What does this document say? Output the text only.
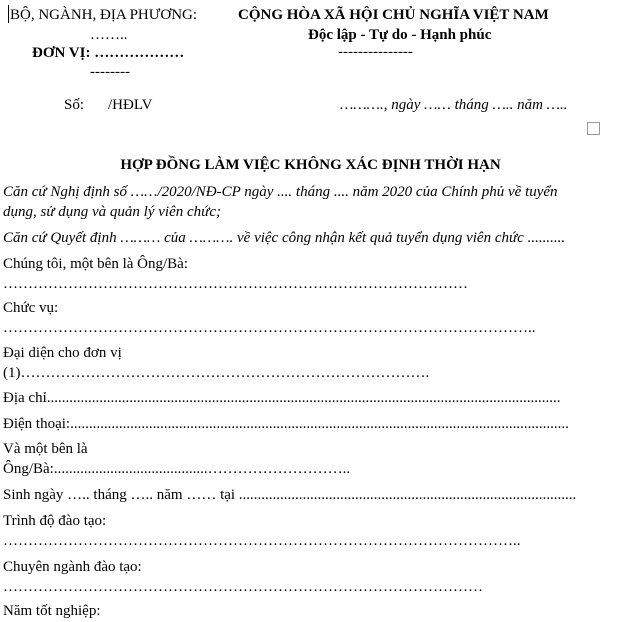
BỘ, NGÀNH, ĐỊA PHƯƠNG:
……..
ĐƠN VỊ: ………………
--------
CỘNG HÒA XÃ HỘI CHỦ NGHĨA VIỆT NAM
Độc lập - Tự do - Hạnh phúc
---------------
Số: /HĐLV	………., ngày …… tháng ….. năm …..
HỢP ĐỒNG LÀM VIỆC KHÔNG XÁC ĐỊNH THỜI HẠN
Căn cứ Nghị định số ……/2020/NĐ-CP ngày .... tháng .... năm 2020 của Chính phủ về tuyển
dụng, sử dụng và quản lý viên chức;
Căn cứ Quyết định ……… của ………. về việc công nhận kết quả tuyển dụng viên chức ..........
Chúng tôi, một bên là Ông/Bà:
…………………………………………………………………………………
Chức vụ:
……………………………………………………………………………………………..
Đại diện cho đơn vị
(1)……………………………………………………………………….
Địa chỉ.........................................................................................................................................
Điện thoại:.....................................................................................................................................
Và một bên là
Ông/Bà:.........................................………………………..
Sinh ngày ….. tháng ….. năm …… tại ..........................................................................................
Trình độ đào tạo:
…………………………………………………………………………………………..
Chuyên ngành đào tạo:
……………………………………………………………………………………
Năm tốt nghiệp:
